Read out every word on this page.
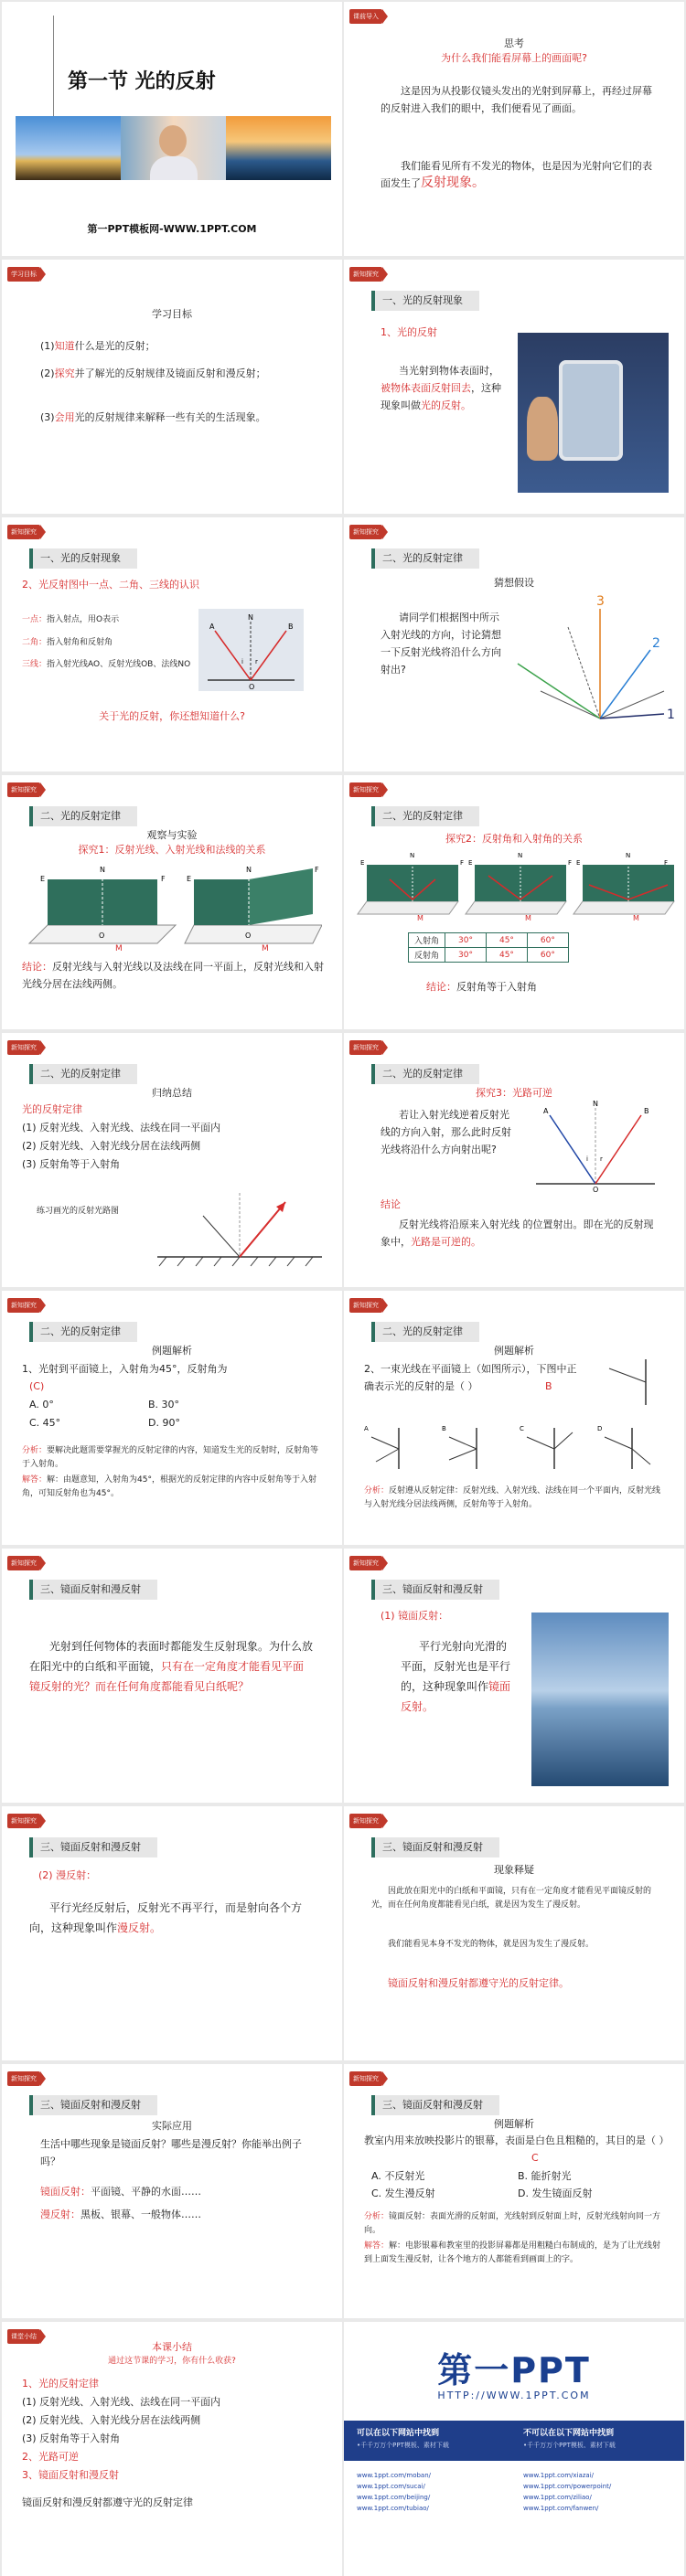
第一节 光的反射
第一PPT模板网-WWW.1PPT.COM
课前导入
思考
为什么我们能看屏幕上的画面呢?
这是因为从投影仪镜头发出的光射到屏幕上，再经过屏幕的反射进入我们的眼中，我们便看见了画面。
我们能看见所有不发光的物体，也是因为光射向它们的表面发生了反射现象。
学习目标
学习目标
(1)知道什么是光的反射；
(2)探究并了解光的反射规律及镜面反射和漫反射；
(3)会用光的反射规律来解释一些有关的生活现象。
新知探究
一、光的反射现象
1、光的反射
当光射到物体表面时，被物体表面反射回去，这种现象叫做光的反射。
新知探究
一、光的反射现象
2、光反射图中一点、二角、三线的认识
一点：指入射点，用O表示
二角：指入射角和反射角
三线：指入射光线AO、反射光线OB、法线NO
N
A	B
O
i r
关于光的反射，你还想知道什么?
新知探究
二、光的反射定律
猜想假设
请同学们根据图中所示入射光线的方向，讨论猜想一下反射光线将沿什么方向射出?
3
2
1
新知探究
二、光的反射定律
观察与实验
探究1：反射光线、入射光线和法线的关系
E	F
N
O
M
E
F
N
O
M
结论：反射光线与入射光线以及法线在同一平面上，反射光线和入射光线分居在法线两侧。
新知探究
二、光的反射定律
探究2：反射角和入射角的关系
E	F
N
M
E	F
N
M
E	F
N
M
入射角	30°	45°	60°
反射角	30°	45°	60°
结论：反射角等于入射角
新知探究
二、光的反射定律
归纳总结
光的反射定律
(1) 反射光线、入射光线、法线在同一平面内
(2) 反射光线、入射光线分居在法线两侧
(3) 反射角等于入射角
练习画光的反射光路图
新知探究
二、光的反射定律
探究3：光路可逆
若让入射光线逆着反射光线的方向入射，那么此时反射光线将沿什么方向射出呢?
N
A	B
O
i r
结论
反射光线将沿原来入射光线 的位置射出。即在光的反射现象中，光路是可逆的。
新知探究
二、光的反射定律
例题解析
1、光射到平面镜上，入射角为45°，反射角为
(C)
A. 0°	B. 30°
C. 45°	D. 90°
分析：要解决此题需要掌握光的反射定律的内容，知道发生光的反射时，反射角等于入射角。
解答：解：由题意知，入射角为45°，根据光的反射定律的内容中反射角等于入射角，可知反射角也为45°。
新知探究
二、光的反射定律
例题解析
2、一束光线在平面镜上（如图所示），下图中正确表示光的反射的是（ ）	B
A	B	C	D
分析：反射遵从反射定律：反射光线、入射光线、法线在同一个平面内，反射光线与入射光线分居法线两侧，反射角等于入射角。
新知探究
三、镜面反射和漫反射
光射到任何物体的表面时都能发生反射现象。为什么放在阳光中的白纸和平面镜，只有在一定角度才能看见平面镜反射的光？而在任何角度都能看见白纸呢？
新知探究
三、镜面反射和漫反射
(1) 镜面反射：
平行光射向光滑的平面，反射光也是平行的，这种现象叫作镜面反射。
新知探究
三、镜面反射和漫反射
(2) 漫反射：
平行光经反射后，反射光不再平行，而是射向各个方向，这种现象叫作漫反射。
新知探究
三、镜面反射和漫反射
现象释疑
因此放在阳光中的白纸和平面镜，只有在一定角度才能看见平面镜反射的光，而在任何角度都能看见白纸，就是因为发生了漫反射。
我们能看见本身不发光的物体，就是因为发生了漫反射。
镜面反射和漫反射都遵守光的反射定律。
新知探究
三、镜面反射和漫反射
实际应用
生活中哪些现象是镜面反射？哪些是漫反射？你能举出例子吗？
镜面反射：平面镜、平静的水面……
漫反射：黑板、银幕、一般物体……
新知探究
三、镜面反射和漫反射
例题解析
教室内用来放映投影片的银幕，表面是白色且粗糙的，其目的是（ ）
C
A. 不反射光	B. 能折射光
C. 发生漫反射	D. 发生镜面反射
分析：镜面反射：表面光滑的反射面，光线射到反射面上时，反射光线射向同一方向。
解答：解：电影银幕和教室里的投影屏幕都是用粗糙白布制成的，是为了让光线射到上面发生漫反射，让各个地方的人都能看到画面上的字。
课堂小结
本课小结
通过这节课的学习，你有什么收获?
1、光的反射定律
(1) 反射光线、入射光线、法线在同一平面内
(2) 反射光线、入射光线分居在法线两侧
(3) 反射角等于入射角
2、光路可逆
3、镜面反射和漫反射
镜面反射和漫反射都遵守光的反射定律
第一PPT
HTTP://WWW.1PPT.COM
可以在以下网站中找到
•千千万万个PPT模板、素材下载
不可以在以下网站中找到
•千千万万个PPT模板、素材下载
www.1ppt.com/moban/
www.1ppt.com/sucai/
www.1ppt.com/beijing/
www.1ppt.com/tubiao/
www.1ppt.com/xiazai/
www.1ppt.com/powerpoint/
www.1ppt.com/ziliao/
www.1ppt.com/fanwen/
